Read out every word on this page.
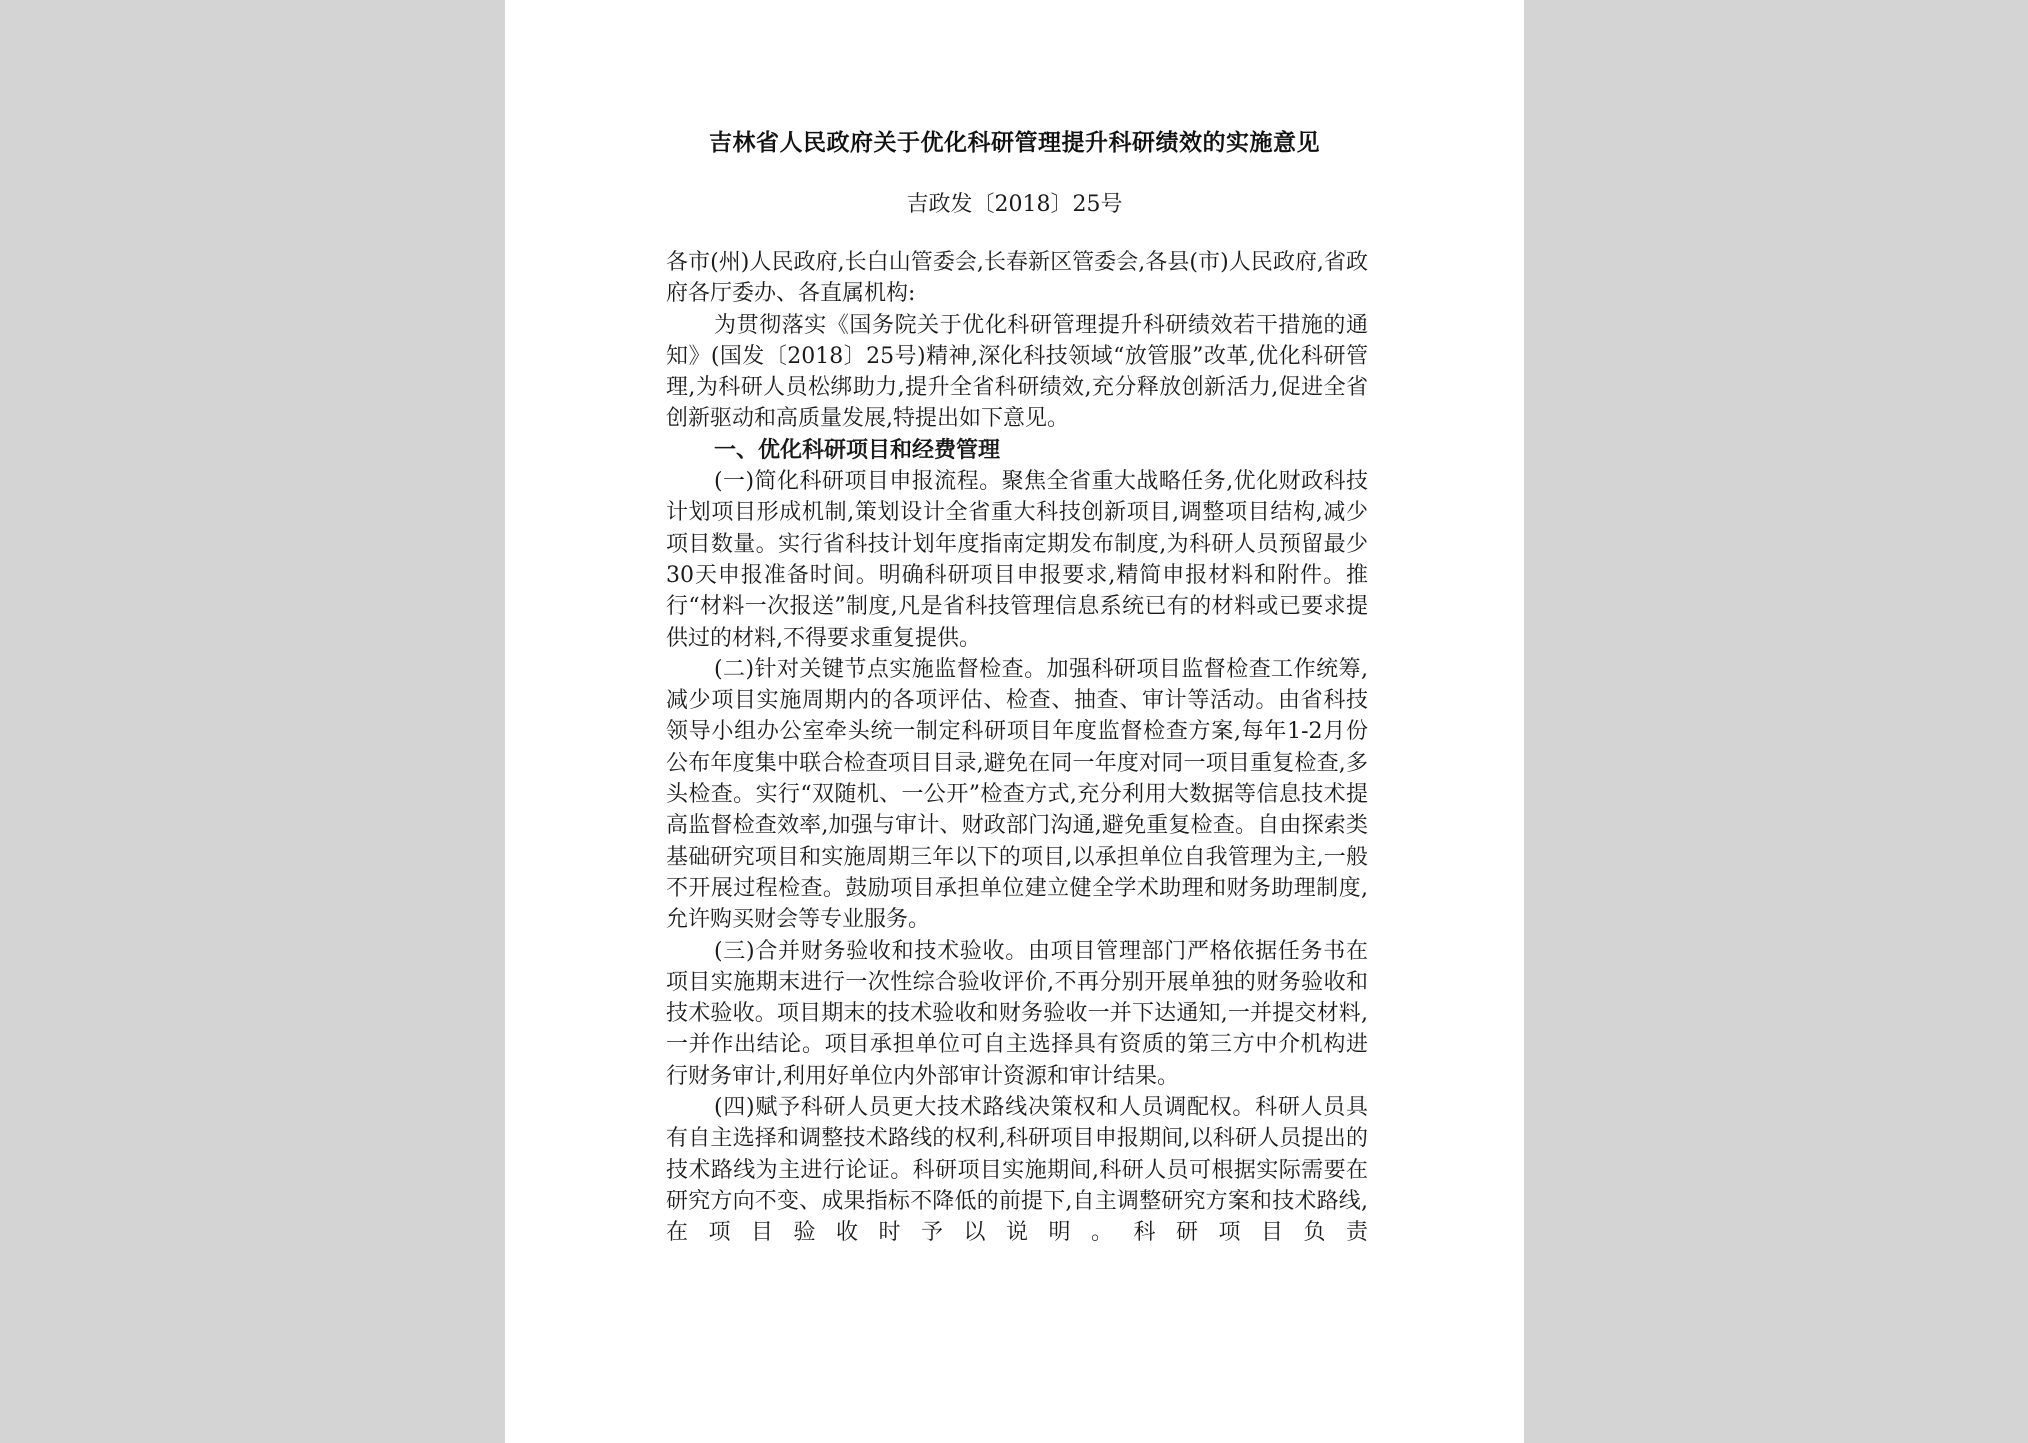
吉林省人民政府关于优化科研管理提升科研绩效的实施意见
吉政发〔2018〕25号

各市(州)人民政府,长白山管委会,长春新区管委会,各县(市)人民政府,省政府各厅委办、各直属机构:

为贯彻落实《国务院关于优化科研管理提升科研绩效若干措施的通知》(国发〔2018〕25号)精神,深化科技领域“放管服”改革,优化科研管理,为科研人员松绑助力,提升全省科研绩效,充分释放创新活力,促进全省创新驱动和高质量发展,特提出如下意见。

一、优化科研项目和经费管理

(一)简化科研项目申报流程。聚焦全省重大战略任务,优化财政科技计划项目形成机制,策划设计全省重大科技创新项目,调整项目结构,减少项目数量。实行省科技计划年度指南定期发布制度,为科研人员预留最少30天申报准备时间。明确科研项目申报要求,精简申报材料和附件。推行“材料一次报送”制度,凡是省科技管理信息系统已有的材料或已要求提供过的材料,不得要求重复提供。

(二)针对关键节点实施监督检查。加强科研项目监督检查工作统筹,减少项目实施周期内的各项评估、检查、抽查、审计等活动。由省科技领导小组办公室牵头统一制定科研项目年度监督检查方案,每年1-2月份公布年度集中联合检查项目目录,避免在同一年度对同一项目重复检查,多头检查。实行“双随机、一公开”检查方式,充分利用大数据等信息技术提高监督检查效率,加强与审计、财政部门沟通,避免重复检查。自由探索类基础研究项目和实施周期三年以下的项目,以承担单位自我管理为主,一般不开展过程检查。鼓励项目承担单位建立健全学术助理和财务助理制度,允许购买财会等专业服务。

(三)合并财务验收和技术验收。由项目管理部门严格依据任务书在项目实施期末进行一次性综合验收评价,不再分别开展单独的财务验收和技术验收。项目期末的技术验收和财务验收一并下达通知,一并提交材料,一并作出结论。项目承担单位可自主选择具有资质的第三方中介机构进行财务审计,利用好单位内外部审计资源和审计结果。

(四)赋予科研人员更大技术路线决策权和人员调配权。科研人员具有自主选择和调整技术路线的权利,科研项目申报期间,以科研人员提出的技术路线为主进行论证。科研项目实施期间,科研人员可根据实际需要在研究方向不变、成果指标不降低的前提下,自主调整研究方案和技术路线,在项目验收时予以说明。科研项目负责
